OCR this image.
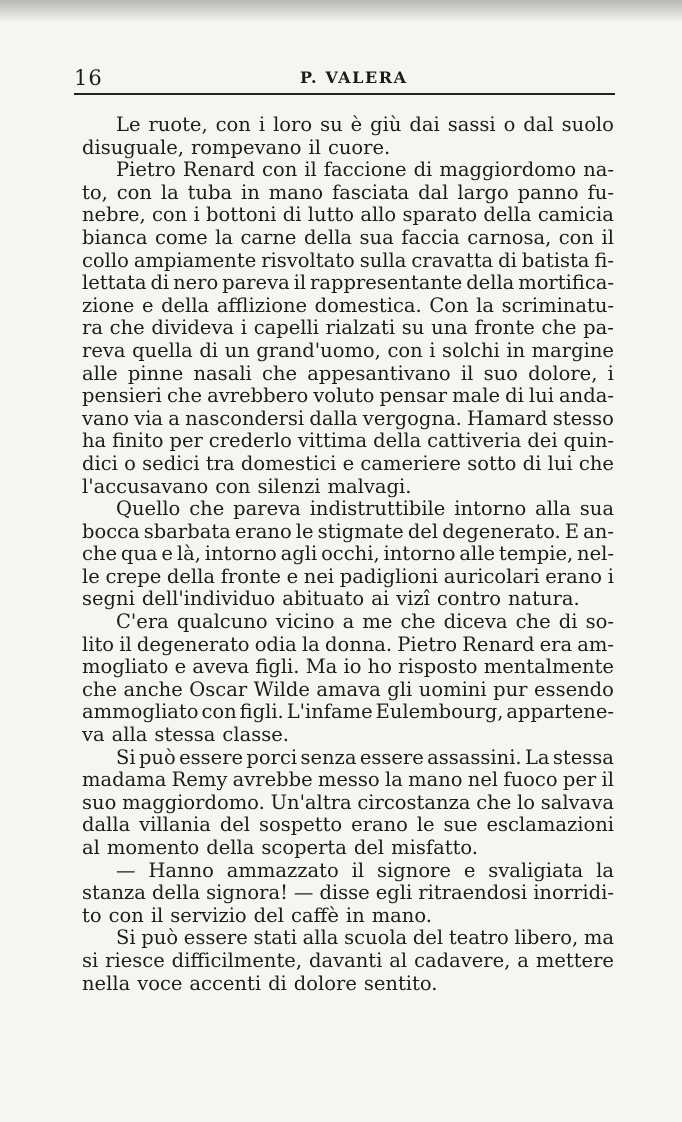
16	P. VALERA
Le ruote, con i loro su è giù dai sassi o dal suolo
disuguale, rompevano il cuore.
Pietro Renard con il faccione di maggiordomo na-
to, con la tuba in mano fasciata dal largo panno fu-
nebre, con i bottoni di lutto allo sparato della camicia
bianca come la carne della sua faccia carnosa, con il
collo ampiamente risvoltato sulla cravatta di batista fi-
lettata di nero pareva il rappresentante della mortifica-
zione e della afflizione domestica. Con la scriminatu-
ra che divideva i capelli rialzati su una fronte che pa-
reva quella di un grand'uomo, con i solchi in margine
alle pinne nasali che appesantivano il suo dolore, i
pensieri che avrebbero voluto pensar male di lui anda-
vano via a nascondersi dalla vergogna. Hamard stesso
ha finito per crederlo vittima della cattiveria dei quin-
dici o sedici tra domestici e cameriere sotto di lui che
l'accusavano con silenzi malvagi.
Quello che pareva indistruttibile intorno alla sua
bocca sbarbata erano le stigmate del degenerato. E an-
che qua e là, intorno agli occhi, intorno alle tempie, nel-
le crepe della fronte e nei padiglioni auricolari erano i
segni dell'individuo abituato ai vizî contro natura.
C'era qualcuno vicino a me che diceva che di so-
lito il degenerato odia la donna. Pietro Renard era am-
mogliato e aveva figli. Ma io ho risposto mentalmente
che anche Oscar Wilde amava gli uomini pur essendo
ammogliato con figli. L'infame Eulembourg, appartene-
va alla stessa classe.
Si può essere porci senza essere assassini. La stessa
madama Remy avrebbe messo la mano nel fuoco per il
suo maggiordomo. Un'altra circostanza che lo salvava
dalla villania del sospetto erano le sue esclamazioni
al momento della scoperta del misfatto.
— Hanno ammazzato il signore e svaligiata la
stanza della signora! — disse egli ritraendosi inorridi-
to con il servizio del caffè in mano.
Si può essere stati alla scuola del teatro libero, ma
si riesce difficilmente, davanti al cadavere, a mettere
nella voce accenti di dolore sentito.
